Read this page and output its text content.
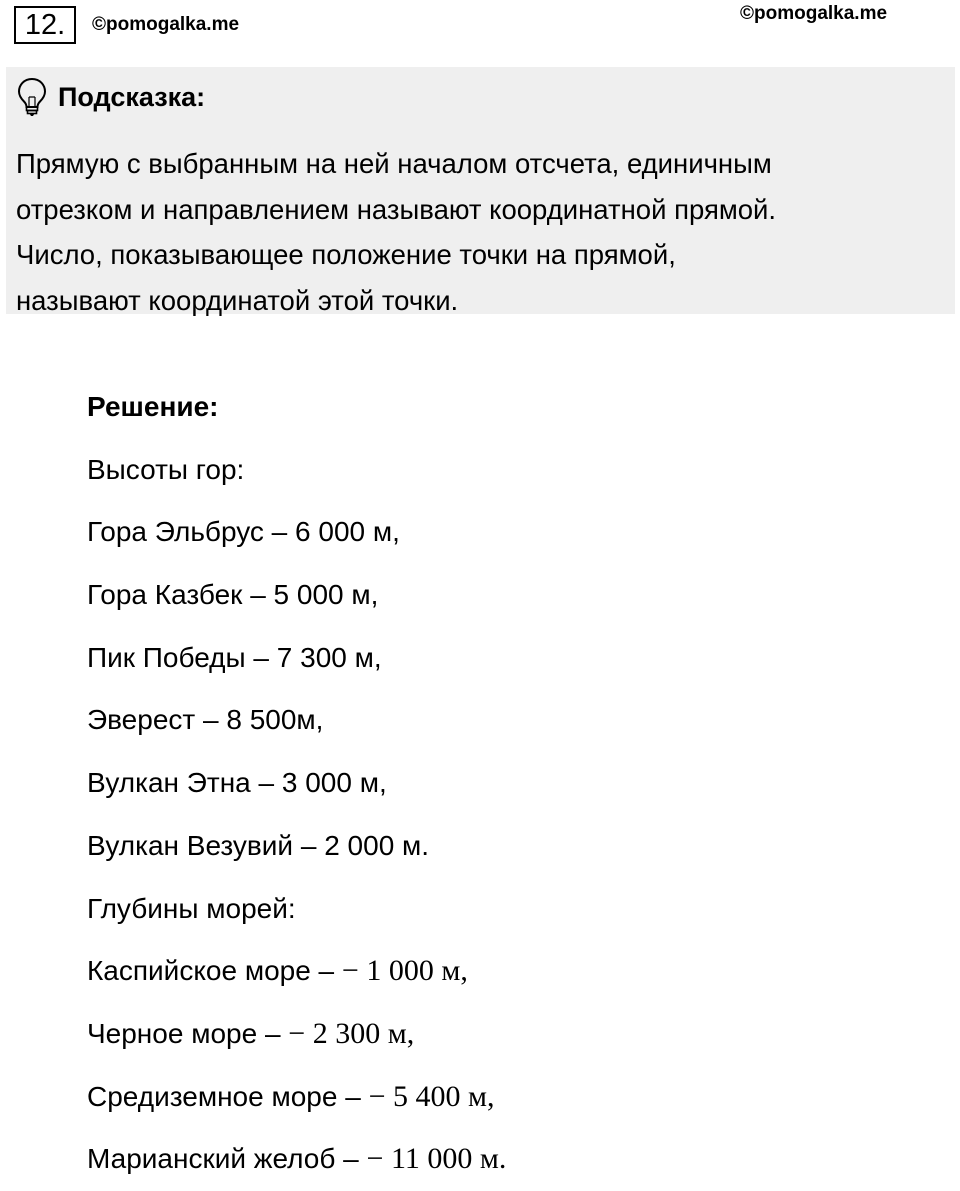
12.	©pomogalka.me
©pomogalka.me
Подсказка:
Прямую с выбранным на ней началом отсчета, единичным
отрезком и направлением называют координатной прямой.
Число, показывающее положение точки на прямой,
называют координатой этой точки.
Решение:
Высоты гор:
Гора Эльбрус – 6 000 м,
Гора Казбек – 5 000 м,
Пик Победы – 7 300 м,
Эверест – 8 500м,
Вулкан Этна – 3 000 м,
Вулкан Везувий – 2 000 м.
Глубины морей:
Каспийское море – − 1 000 м,
Черное море – − 2 300 м,
Средиземное море – − 5 400 м,
Марианский желоб – − 11 000 м.
